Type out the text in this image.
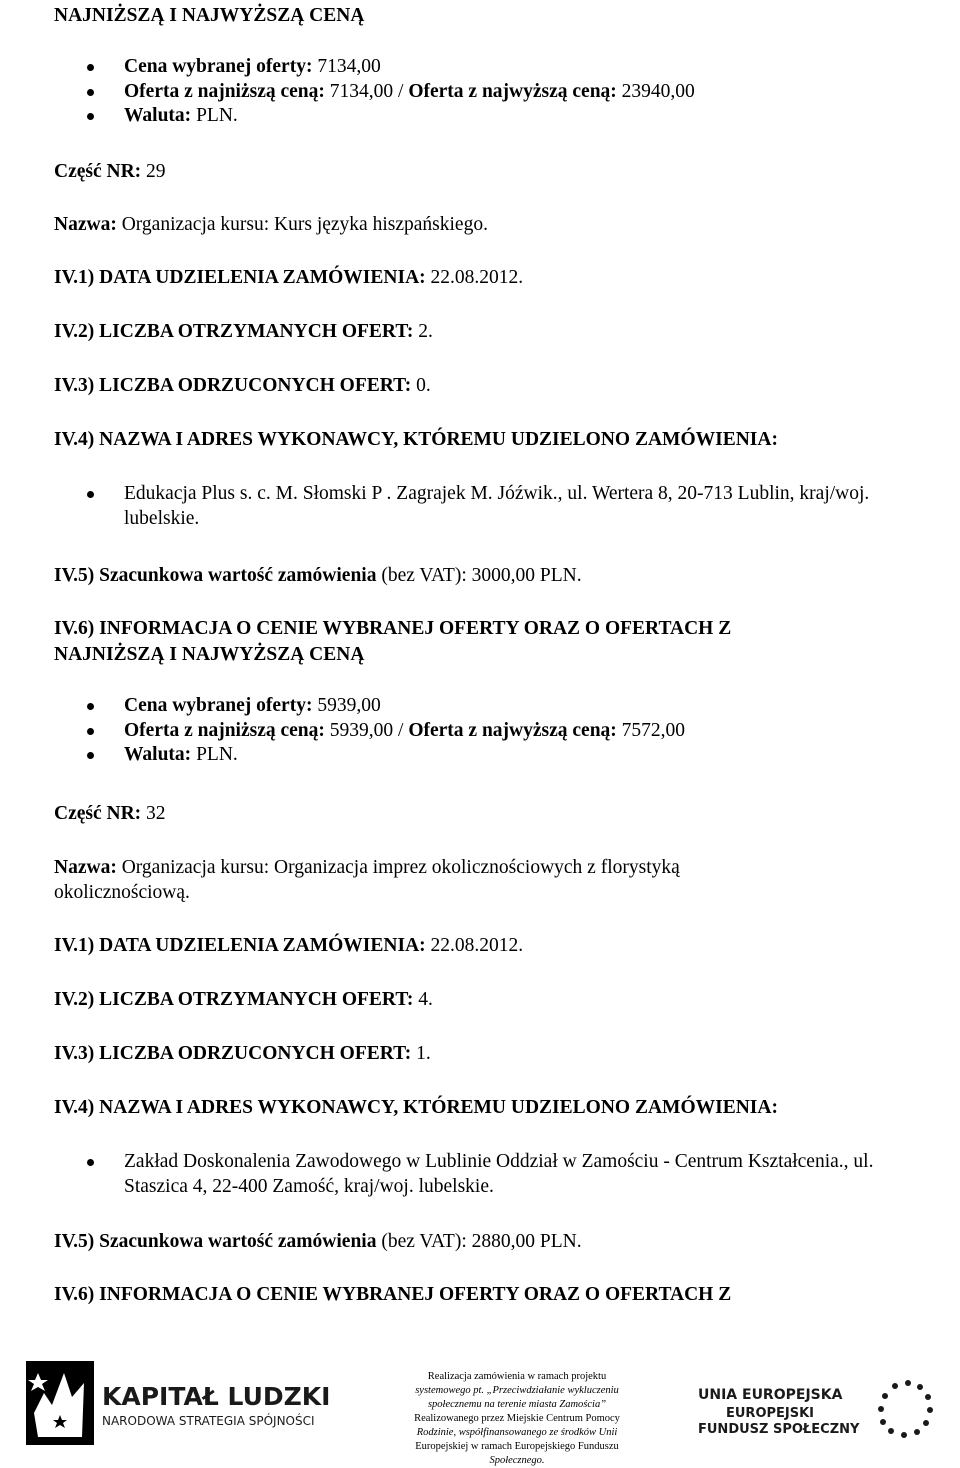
NAJNIŻSZĄ I NAJWYŻSZĄ CENĄ
Cena wybranej oferty: 7134,00
Oferta z najniższą ceną: 7134,00 / Oferta z najwyższą ceną: 23940,00
Waluta: PLN.
Część NR: 29
Nazwa: Organizacja kursu: Kurs języka hiszpańskiego.
IV.1) DATA UDZIELENIA ZAMÓWIENIA: 22.08.2012.
IV.2) LICZBA OTRZYMANYCH OFERT: 2.
IV.3) LICZBA ODRZUCONYCH OFERT: 0.
IV.4) NAZWA I ADRES WYKONAWCY, KTÓREMU UDZIELONO ZAMÓWIENIA:
Edukacja Plus s. c. M. Słomski P . Zagrajek M. Jóźwik., ul. Wertera 8, 20-713 Lublin, kraj/woj. lubelskie.
IV.5) Szacunkowa wartość zamówienia (bez VAT): 3000,00 PLN.
IV.6) INFORMACJA O CENIE WYBRANEJ OFERTY ORAZ O OFERTACH Z
NAJNIŻSZĄ I NAJWYŻSZĄ CENĄ
Cena wybranej oferty: 5939,00
Oferta z najniższą ceną: 5939,00 / Oferta z najwyższą ceną: 7572,00
Waluta: PLN.
Część NR: 32
Nazwa: Organizacja kursu: Organizacja imprez okolicznościowych z florystyką
okolicznościową.
IV.1) DATA UDZIELENIA ZAMÓWIENIA: 22.08.2012.
IV.2) LICZBA OTRZYMANYCH OFERT: 4.
IV.3) LICZBA ODRZUCONYCH OFERT: 1.
IV.4) NAZWA I ADRES WYKONAWCY, KTÓREMU UDZIELONO ZAMÓWIENIA:
Zakład Doskonalenia Zawodowego w Lublinie Oddział w Zamościu - Centrum Kształcenia., ul. Staszica 4, 22-400 Zamość, kraj/woj. lubelskie.
IV.5) Szacunkowa wartość zamówienia (bez VAT): 2880,00 PLN.
IV.6) INFORMACJA O CENIE WYBRANEJ OFERTY ORAZ O OFERTACH Z
KAPITAŁ LUDZKI
NARODOWA STRATEGIA SPÓJNOŚCI
Realizacja zamówienia w ramach projektu
systemowego pt. „Przeciwdziałanie wykluczeniu
społecznemu na terenie miasta Zamościa”
Realizowanego przez Miejskie Centrum Pomocy
Rodzinie, współfinansowanego ze środków Unii
Europejskiej w ramach Europejskiego Funduszu
Społecznego.
UNIA EUROPEJSKA
EUROPEJSKI
FUNDUSZ SPOŁECZNY
